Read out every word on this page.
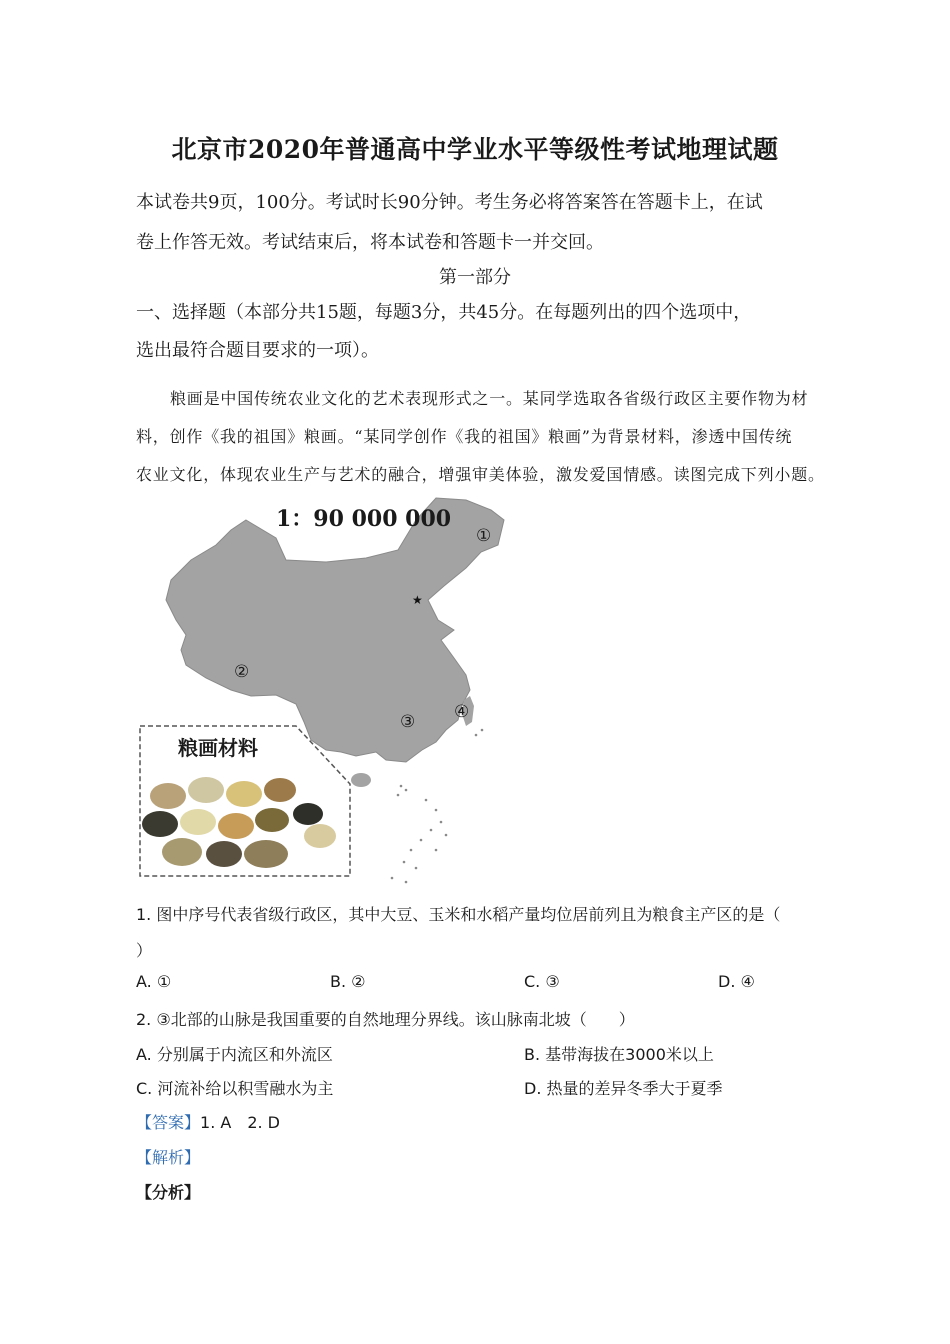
北京市2020年普通高中学业水平等级性考试地理试题
本试卷共9页，100分。考试时长90分钟。考生务必将答案答在答题卡上，在试
卷上作答无效。考试结束后，将本试卷和答题卡一并交回。
第一部分
一、选择题（本部分共15题，每题3分，共45分。在每题列出的四个选项中，
选出最符合题目要求的一项）。
粮画是中国传统农业文化的艺术表现形式之一。某同学选取各省级行政区主要作物为材
料，创作《我的祖国》粮画。“某同学创作《我的祖国》粮画”为背景材料，渗透中国传统
农业文化，体现农业生产与艺术的融合，增强审美体验，激发爱国情感。读图完成下列小题。
★
1：90 000 000
①
②
③ ④
粮画材料
1. 图中序号代表省级行政区，其中大豆、玉米和水稻产量均位居前列且为粮食主产区的是（
）
A. ①	B. ②	C. ③	D. ④
2. ③北部的山脉是我国重要的自然地理分界线。该山脉南北坡（　　）
A. 分别属于内流区和外流区	B. 基带海拔在3000米以上
C. 河流补给以积雪融水为主	D. 热量的差异冬季大于夏季
【答案】1. A　2. D
【解析】
【分析】
